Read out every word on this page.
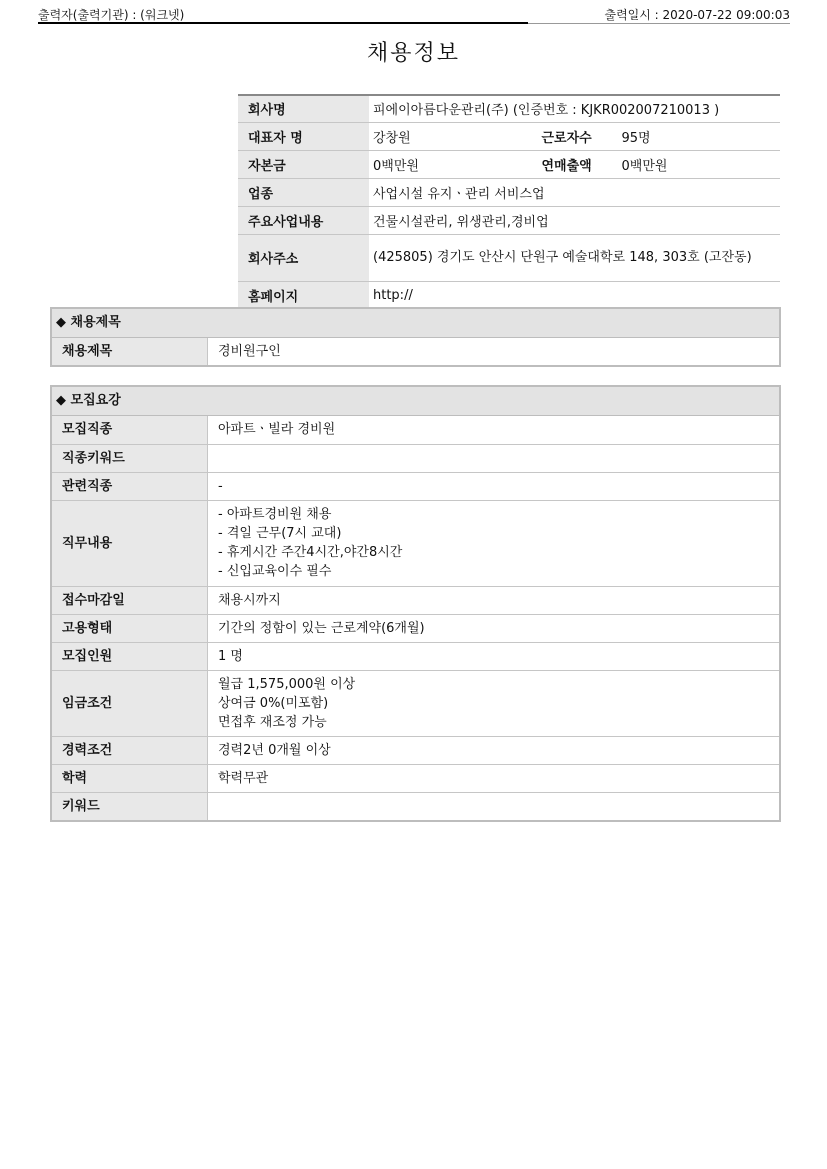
출력자(출력기관) : (워크넷)	출력일시 : 2020-07-22 09:00:03
채용정보
회사명	피에이아름다운관리(주) (인증번호 : KJKR002007210013 )		
대표자 명	강창원	근로자수	95명
자본금	0백만원	연매출액	0백만원
업종	사업시설 유지ㆍ관리 서비스업		
주요사업내용	건물시설관리, 위생관리,경비업		
회사주소	(425805) 경기도 안산시 단원구 예술대학로 148, 303호 (고잔동)		
홈페이지	http://		
◆ 채용제목
채용제목	경비원구인
◆ 모집요강
모집직종	아파트ㆍ빌라 경비원

직종키워드	
관련직종	-

직무내용	- 아파트경비원 채용
- 격일 근무(7시 교대)
- 휴게시간 주간4시간,야간8시간
- 신입교육이수 필수

접수마감일	채용시까지

고용형태	기간의 정함이 있는 근로계약(6개월)

모집인원	1 명

임금조건	월급 1,575,000원 이상
상여금 0%(미포함)
면접후 재조정 가능

경력조건	경력2년 0개월 이상

학력	학력무관

키워드	
